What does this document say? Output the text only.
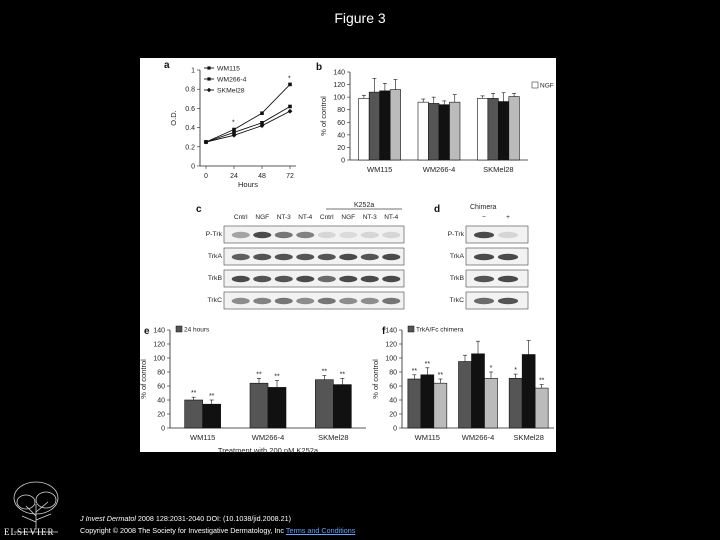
Figure 3
a	b
c	d
e	f
K252a	Chimera
Cntrl NGF NT-3 NT-4 Cntrl NGF NT-3 NT-4
P-Trk
TrkA
TrkB
TrkC
−	+
P-Trk
TrkA
TrkB
TrkC
0
0.2
0.4
0.6
0.8
1
0	24	48	72
Hours
O.D.
WM115
WM266-4
SKMel28
*
*
0
20
40
60
80
100
120
140
% of control
WM115	WM266-4	SKMel28
NGF
0
20
40
60
80
100
120
140
% of control
WM115	WM266-4	SKMel28
** **
** **
** **
24 hours
Treatment with 200 nM K252a
0
20
40
60
80
100
120
140
% of control
WM115	WM266-4	SKMel28
**
**
**
*	*
**
TrkA/Fc chimera
ELSEVIER
J Invest Dermatol 2008 128:2031-2040 DOI: (10.1038/jid.2008.21)
Copyright © 2008 The Society for Investigative Dermatology, Inc Terms and Conditions
